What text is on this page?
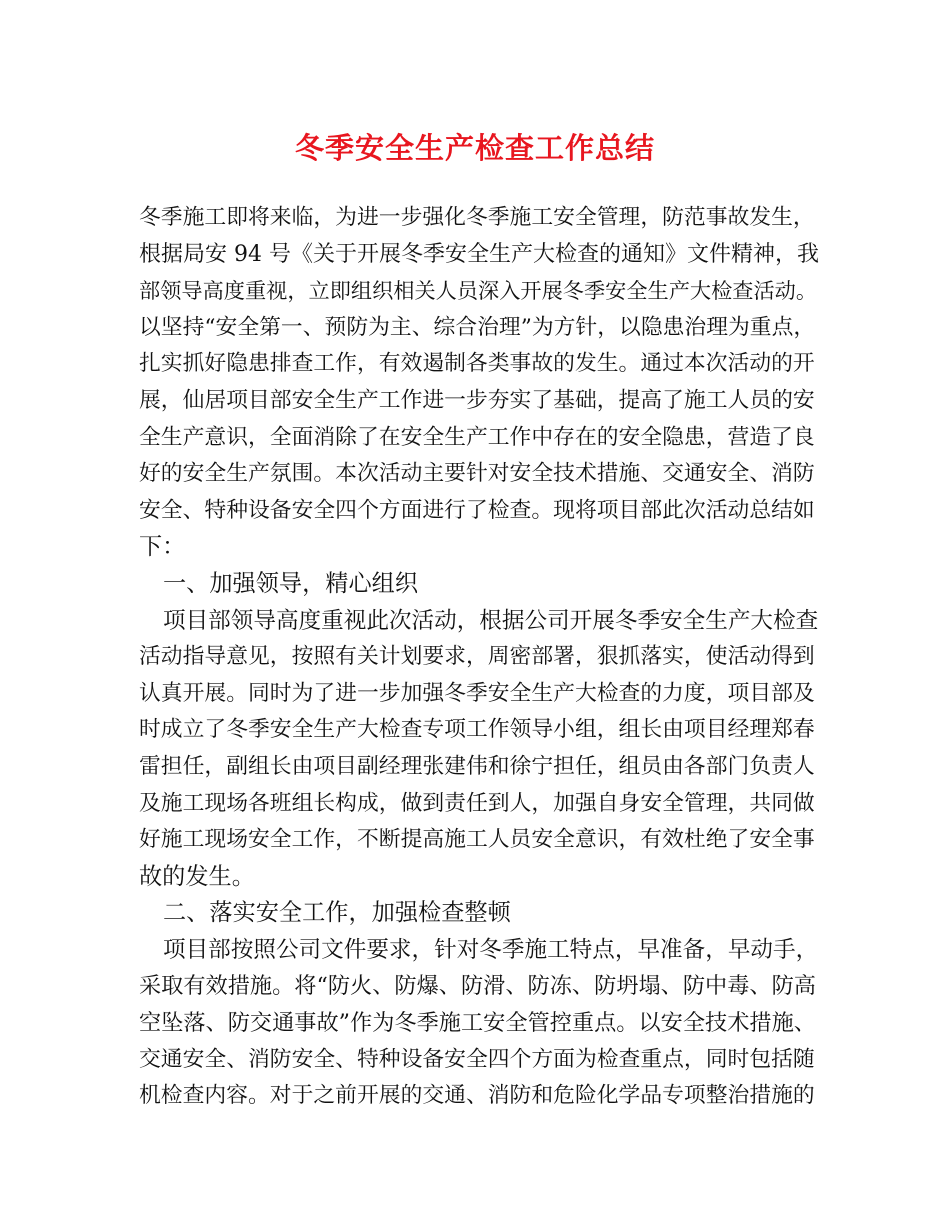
冬季安全生产检查工作总结
冬季施工即将来临，为进一步强化冬季施工安全管理，防范事故发生，
根据局安 94 号《关于开展冬季安全生产大检查的通知》文件精神，我
部领导高度重视，立即组织相关人员深入开展冬季安全生产大检查活动。
以坚持“安全第一、预防为主、综合治理”为方针，以隐患治理为重点，
扎实抓好隐患排查工作，有效遏制各类事故的发生。通过本次活动的开
展，仙居项目部安全生产工作进一步夯实了基础，提高了施工人员的安
全生产意识，全面消除了在安全生产工作中存在的安全隐患，营造了良
好的安全生产氛围。本次活动主要针对安全技术措施、交通安全、消防
安全、特种设备安全四个方面进行了检查。现将项目部此次活动总结如
下：
一、加强领导，精心组织
项目部领导高度重视此次活动，根据公司开展冬季安全生产大检查
活动指导意见，按照有关计划要求，周密部署，狠抓落实，使活动得到
认真开展。同时为了进一步加强冬季安全生产大检查的力度，项目部及
时成立了冬季安全生产大检查专项工作领导小组，组长由项目经理郑春
雷担任，副组长由项目副经理张建伟和徐宁担任，组员由各部门负责人
及施工现场各班组长构成，做到责任到人，加强自身安全管理，共同做
好施工现场安全工作，不断提高施工人员安全意识，有效杜绝了安全事
故的发生。
二、落实安全工作，加强检查整顿
项目部按照公司文件要求，针对冬季施工特点，早准备，早动手，
采取有效措施。将“防火、防爆、防滑、防冻、防坍塌、防中毒、防高
空坠落、防交通事故”作为冬季施工安全管控重点。以安全技术措施、
交通安全、消防安全、特种设备安全四个方面为检查重点，同时包括随
机检查内容。对于之前开展的交通、消防和危险化学品专项整治措施的
